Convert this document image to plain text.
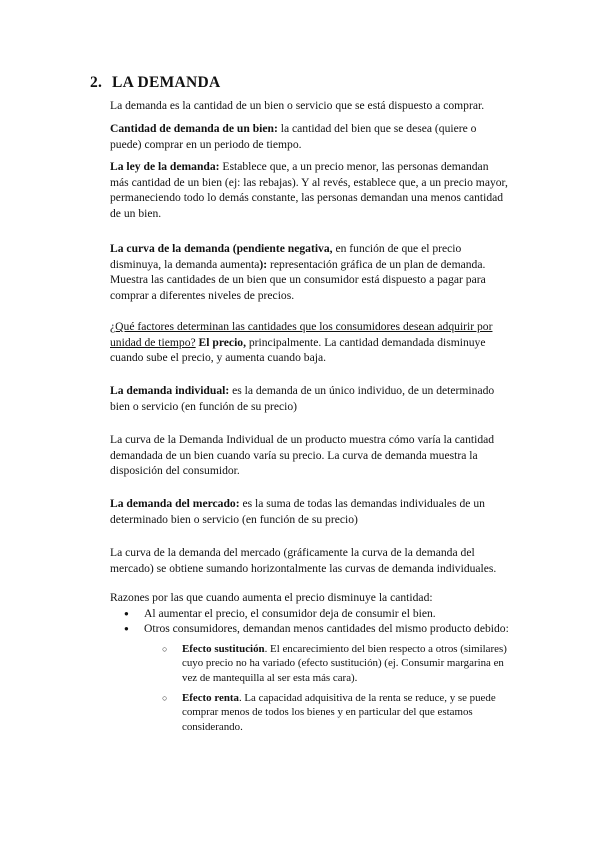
2. LA DEMANDA
La demanda es la cantidad de un bien o servicio que se está dispuesto a comprar.
Cantidad de demanda de un bien: la cantidad del bien que se desea (quiere o puede) comprar en un periodo de tiempo.
La ley de la demanda: Establece que, a un precio menor, las personas demandan más cantidad de un bien (ej: las rebajas). Y al revés, establece que, a un precio mayor, permaneciendo todo lo demás constante, las personas demandan una menos cantidad de un bien.
La curva de la demanda (pendiente negativa, en función de que el precio disminuya, la demanda aumenta): representación gráfica de un plan de demanda. Muestra las cantidades de un bien que un consumidor está dispuesto a pagar para comprar a diferentes niveles de precios.
¿Qué factores determinan las cantidades que los consumidores desean adquirir por unidad de tiempo? El precio, principalmente. La cantidad demandada disminuye cuando sube el precio, y aumenta cuando baja.
La demanda individual: es la demanda de un único individuo, de un determinado bien o servicio (en función de su precio)
La curva de la Demanda Individual de un producto muestra cómo varía la cantidad demandada de un bien cuando varía su precio. La curva de demanda muestra la disposición del consumidor.
La demanda del mercado: es la suma de todas las demandas individuales de un determinado bien o servicio (en función de su precio)
La curva de la demanda del mercado (gráficamente la curva de la demanda del mercado) se obtiene sumando horizontalmente las curvas de demanda individuales.
Razones por las que cuando aumenta el precio disminuye la cantidad:
● Al aumentar el precio, el consumidor deja de consumir el bien.
● Otros consumidores, demandan menos cantidades del mismo producto debido:
○ Efecto sustitución. El encarecimiento del bien respecto a otros (similares) cuyo precio no ha variado (efecto sustitución) (ej. Consumir margarina en vez de mantequilla al ser esta más cara).
○ Efecto renta. La capacidad adquisitiva de la renta se reduce, y se puede comprar menos de todos los bienes y en particular del que estamos considerando.
